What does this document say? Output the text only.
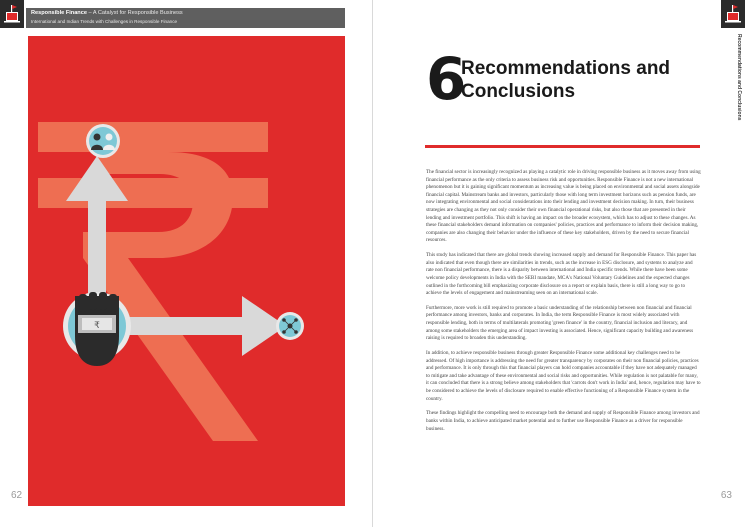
Responsible Finance – A Catalyst for Responsible Business
International and Indian Trends with Challenges in Responsible Finance
₹
62
Recommendations and Conclusions
6
Recommendations and
Conclusions

The financial sector is increasingly recognized as playing a catalytic role in driving responsible business as it moves away from using financial performance as the only criteria to assess business risk and opportunities. Responsible Finance is not a new international phenomenon but it is gaining significant momentum as increasing value is being placed on environmental and social assets alongside financial capital. Mainstream banks and investors, particularly those with long term investment horizons such as pension funds, are now integrating environmental and social considerations into their lending and investment decision making. In turn, their business strategies are changing as they not only consider their own financial operational risks, but also those that are presented in their lending and investment portfolio. This shift is having an impact on the broader ecosystem, which has to adjust to these changes. As these financial stakeholders demand information on companies' policies, practices and performance to inform their decision making, companies are also changing their behavior under the influence of these key stakeholders, driven by the need to secure financial resources.

This study has indicated that there are global trends showing increased supply and demand for Responsible Finance. This paper has also indicated that even though there are similarities in trends, such as the increase in ESG disclosure, and systems to analyze and rate non financial performance, there is a disparity between international and India specific trends. While there have been some welcome policy developments in India with the SEBI mandate, MCA's National Voluntary Guidelines and the expected changes outlined in the forthcoming bill emphasizing corporate disclosure on a report or explain basis, there is still a long way to go to achieve the levels of engagement and mainstreaming seen on an international scale.

Furthermore, more work is still required to promote a basic understanding of the relationship between non financial and financial performance among investors, banks and corporates. In India, the term Responsible Finance is most widely associated with responsible lending, both in terms of multilaterals promoting 'green finance' in the country, financial inclusion and literacy, and among some stakeholders the emerging area of impact investing is associated. Hence, significant capacity building and awareness raising is required to broaden this understanding.

In addition, to achieve responsible business through greater Responsible Finance some additional key challenges need to be addressed. Of high importance is addressing the need for greater transparency by corporates on their non financial policies, practices and performance. It is only through this that financial players can hold companies accountable if they have not adequately managed to mitigate and take advantage of these environmental and social risks and opportunities. While regulation is not palatable for many, it can concluded that there is a strong believe among stakeholders that 'carrots don't work in India' and, hence, regulation may have to be considered to achieve the levels of disclosure required to enable effective functioning of a Responsible Finance system in the country.

These findings highlight the compelling need to encourage both the demand and supply of Responsible Finance among investors and banks within India, to achieve anticipated market potential and to further use Responsible Finance as a driver for responsible business.

63
